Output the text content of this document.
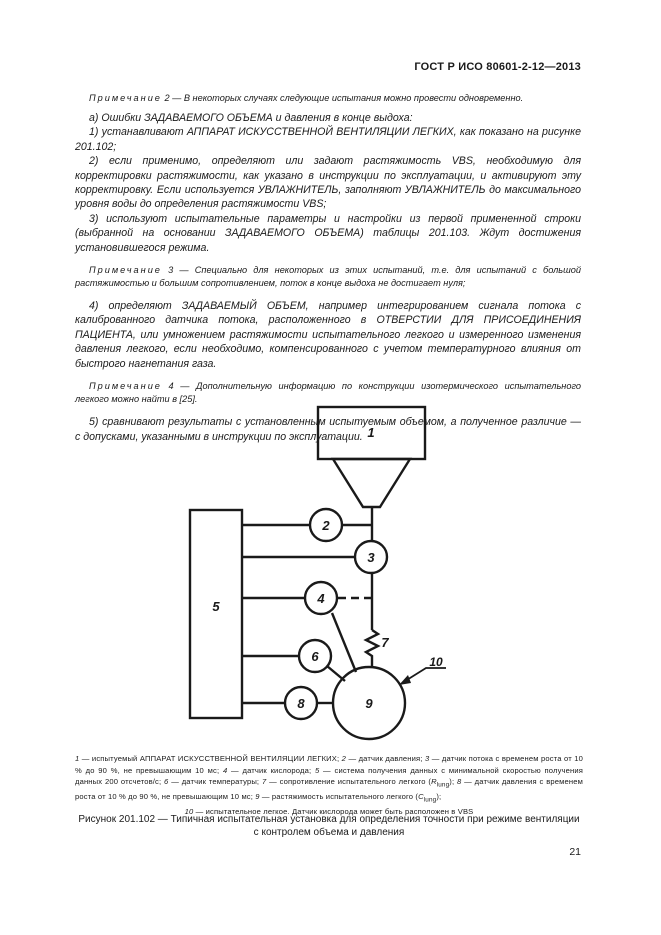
ГОСТ Р ИСО 80601-2-12—2013

Примечание 2 — В некоторых случаях следующие испытания можно провести одновременно.

а) Ошибки ЗАДАВАЕМОГО ОБЪЕМА и давления в конце выдоха:

1) устанавливают АППАРАТ ИСКУССТВЕННОЙ ВЕНТИЛЯЦИИ ЛЕГКИХ, как показано на рисунке 201.102;

2) если применимо, определяют или задают растяжимость VBS, необходимую для корректировки растяжимости, как указано в инструкции по эксплуатации, и активируют эту корректировку. Если используется УВЛАЖНИТЕЛЬ, заполняют УВЛАЖНИТЕЛЬ до максимального уровня воды до определения растяжимости VBS;

3) используют испытательные параметры и настройки из первой примененной строки (выбранной на основании ЗАДАВАЕМОГО ОБЪЕМА) таблицы 201.103. Ждут достижения установившегося режима.

Примечание 3 — Специально для некоторых из этих испытаний, т.е. для испытаний с большой растяжимостью и большим сопротивлением, поток в конце выдоха не достигает нуля;

4) определяют ЗАДАВАЕМЫЙ ОБЪЕМ, например интегрированием сигнала потока с калиброванного датчика потока, расположенного в ОТВЕРСТИИ ДЛЯ ПРИСОЕДИНЕНИЯ ПАЦИЕНТА, или умножением растяжимости испытательного легкого и измеренного изменения давления легкого, если необходимо, компенсированного с учетом температурного влияния от быстрого нагнетания газа.

Примечание 4 — Дополнительную информацию по конструкции изотермического испытательного легкого можно найти в [25].

5) сравнивают результаты с установленным испытуемым объемом, а полученное различие — с допусками, указанными в инструкции по эксплуатации. 1
2
3
4
5
6
7
8	9
10

1 — испытуемый АППАРАТ ИСКУССТВЕННОЙ ВЕНТИЛЯЦИИ ЛЕГКИХ; 2 — датчик давления; 3 — датчик потока с временем роста от 10 % до 90 %, не превышающим 10 мс; 4 — датчик кислорода; 5 — система получения данных с минимальной скоростью получения данных 200 отсчетов/с; 6 — датчик температуры; 7 — сопротивление испытательного легкого $(R_{lung})$; 8 — датчик давления с временем роста от 10 % до 90 %, не превышающим 10 мс; 9 — растяжимость испытательного легкого $(C_{lung})$;

10 — испытательное легкое. Датчик кислорода может быть расположен в VBS

Рисунок 201.102 — Типичная испытательная установка для определения точности при режиме вентиляции
с контролем объема и давления
21
